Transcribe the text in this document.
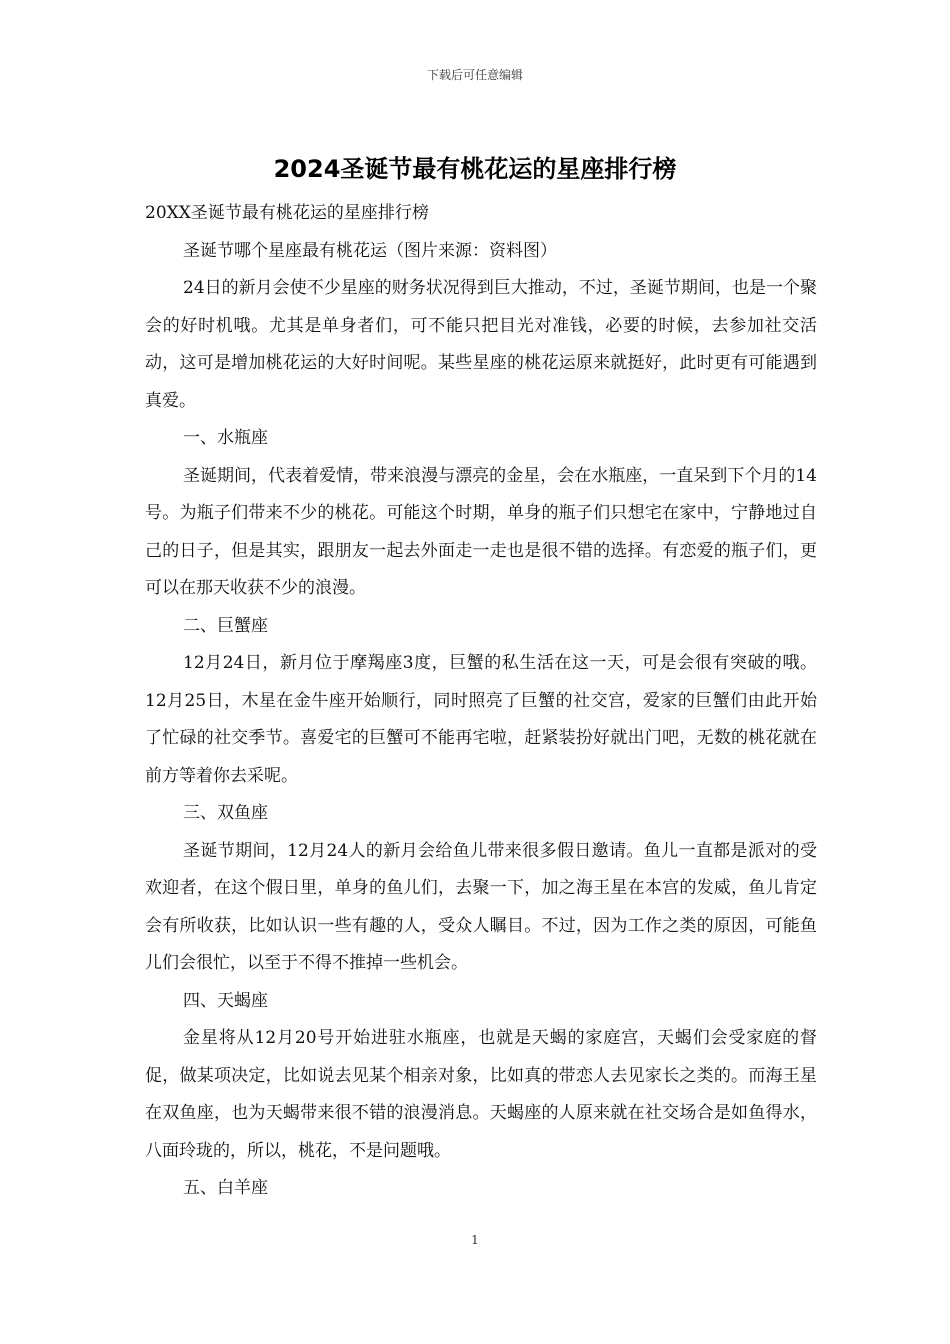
下载后可任意编辑
2024圣诞节最有桃花运的星座排行榜

20XX圣诞节最有桃花运的星座排行榜

圣诞节哪个星座最有桃花运（图片来源：资料图）

24日的新月会使不少星座的财务状况得到巨大推动，不过，圣诞节期间，也是一个聚会的好时机哦。尤其是单身者们，可不能只把目光对准钱，必要的时候，去参加社交活动，这可是增加桃花运的大好时间呢。某些星座的桃花运原来就挺好，此时更有可能遇到真爱。

一、水瓶座

圣诞期间，代表着爱情，带来浪漫与漂亮的金星，会在水瓶座，一直呆到下个月的14号。为瓶子们带来不少的桃花。可能这个时期，单身的瓶子们只想宅在家中，宁静地过自己的日子，但是其实，跟朋友一起去外面走一走也是很不错的选择。有恋爱的瓶子们，更可以在那天收获不少的浪漫。

二、巨蟹座

12月24日，新月位于摩羯座3度，巨蟹的私生活在这一天，可是会很有突破的哦。12月25日，木星在金牛座开始顺行，同时照亮了巨蟹的社交宫，爱家的巨蟹们由此开始了忙碌的社交季节。喜爱宅的巨蟹可不能再宅啦，赶紧装扮好就出门吧，无数的桃花就在前方等着你去采呢。

三、双鱼座

圣诞节期间，12月24人的新月会给鱼儿带来很多假日邀请。鱼儿一直都是派对的受欢迎者，在这个假日里，单身的鱼儿们，去聚一下，加之海王星在本宫的发威，鱼儿肯定会有所收获，比如认识一些有趣的人，受众人瞩目。不过，因为工作之类的原因，可能鱼儿们会很忙，以至于不得不推掉一些机会。

四、天蝎座

金星将从12月20号开始进驻水瓶座，也就是天蝎的家庭宫，天蝎们会受家庭的督促，做某项决定，比如说去见某个相亲对象，比如真的带恋人去见家长之类的。而海王星在双鱼座，也为天蝎带来很不错的浪漫消息。天蝎座的人原来就在社交场合是如鱼得水，八面玲珑的，所以，桃花，不是问题哦。

五、白羊座

1
